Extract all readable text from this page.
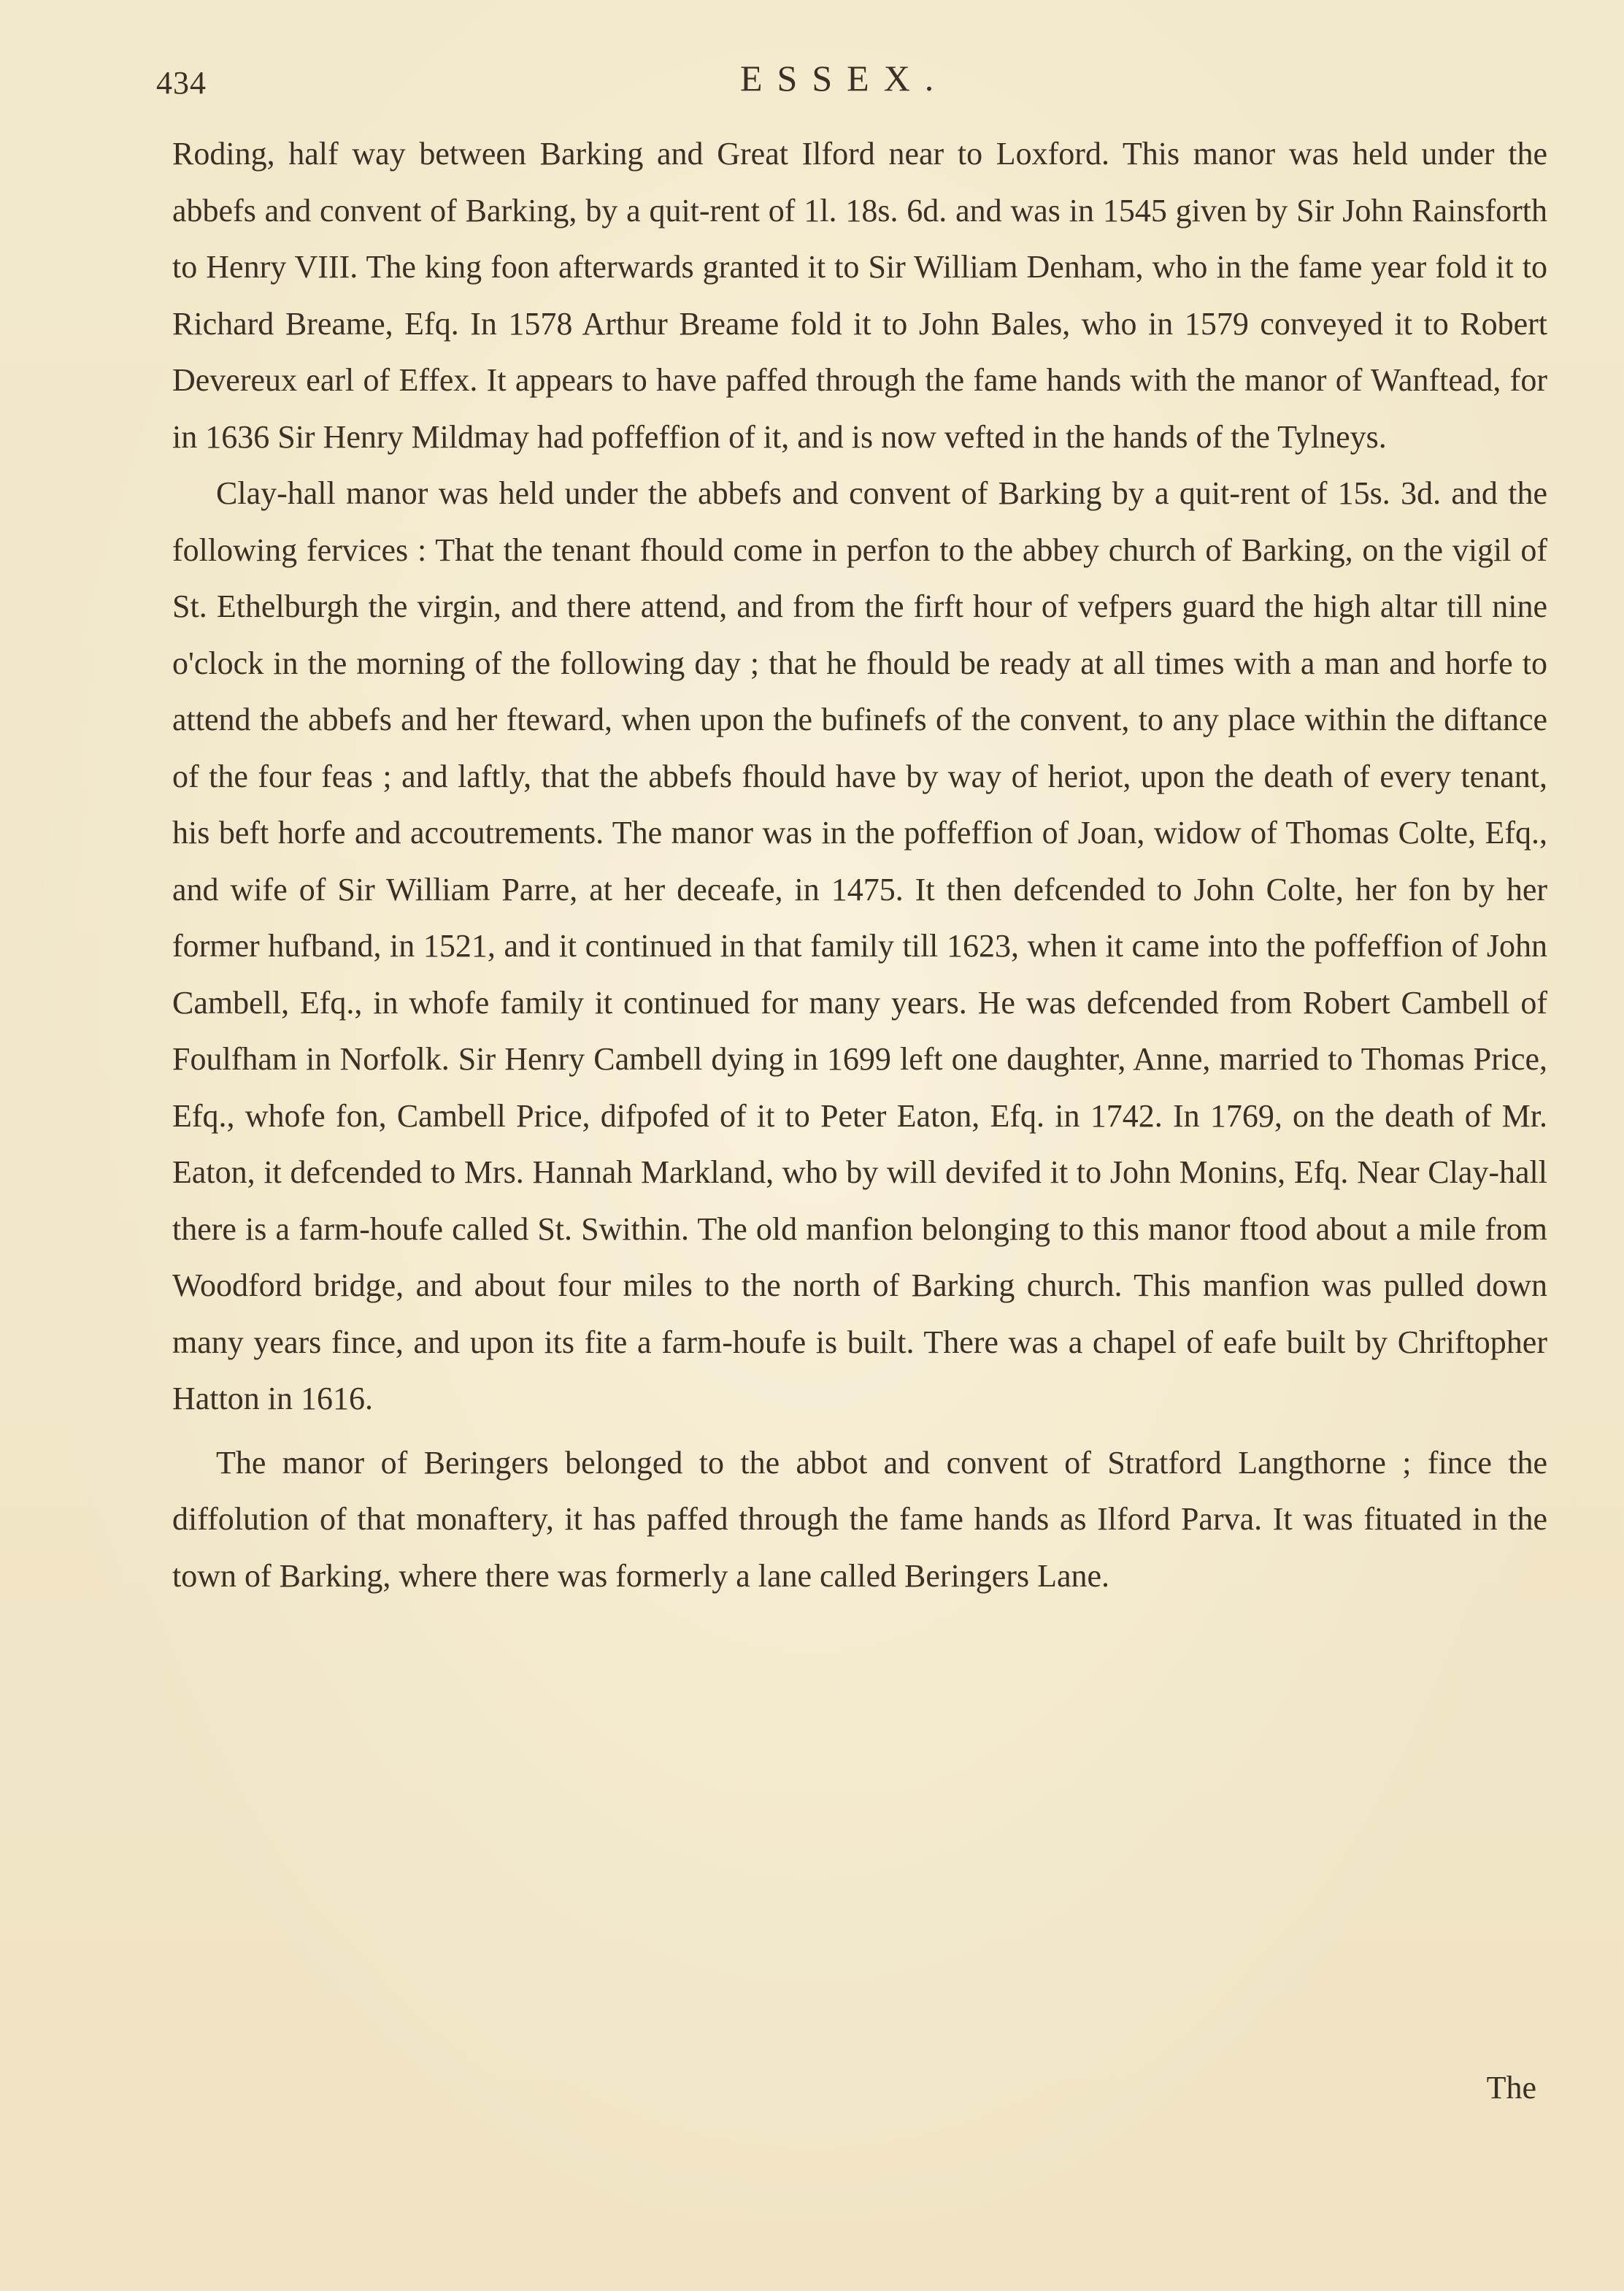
434	ESSEX.

Roding, half way between Barking and Great Ilford near to Loxford. This manor was held under the abbefs and convent of Barking, by a quit-rent of 1l. 18s. 6d. and was in 1545 given by Sir John Rainsforth to Henry VIII. The king foon afterwards granted it to Sir William Denham, who in the fame year fold it to Richard Breame, Efq. In 1578 Arthur Breame fold it to John Bales, who in 1579 conveyed it to Robert Devereux earl of Effex. It appears to have paffed through the fame hands with the manor of Wanftead, for in 1636 Sir Henry Mildmay had poffeffion of it, and is now vefted in the hands of the Tylneys.

Clay-hall manor was held under the abbefs and convent of Barking by a quit-rent of 15s. 3d. and the following fervices : That the tenant fhould come in perfon to the abbey church of Barking, on the vigil of St. Ethelburgh the virgin, and there attend, and from the firft hour of vefpers guard the high altar till nine o'clock in the morning of the following day ; that he fhould be ready at all times with a man and horfe to attend the abbefs and her fteward, when upon the bufinefs of the convent, to any place within the diftance of the four feas ; and laftly, that the abbefs fhould have by way of heriot, upon the death of every tenant, his beft horfe and accoutrements. The manor was in the poffeffion of Joan, widow of Thomas Colte, Efq., and wife of Sir William Parre, at her deceafe, in 1475. It then defcended to John Colte, her fon by her former hufband, in 1521, and it continued in that family till 1623, when it came into the poffeffion of John Cambell, Efq., in whofe family it continued for many years. He was defcended from Robert Cambell of Foulfham in Norfolk. Sir Henry Cambell dying in 1699 left one daughter, Anne, married to Thomas Price, Efq., whofe fon, Cambell Price, difpofed of it to Peter Eaton, Efq. in 1742. In 1769, on the death of Mr. Eaton, it defcended to Mrs. Hannah Markland, who by will devifed it to John Monins, Efq. Near Clay-hall there is a farm-houfe called St. Swithin. The old manfion belonging to this manor ftood about a mile from Woodford bridge, and about four miles to the north of Barking church. This manfion was pulled down many years fince, and upon its fite a farm-houfe is built. There was a chapel of eafe built by Chriftopher Hatton in 1616.

The manor of Beringers belonged to the abbot and convent of Stratford Langthorne ; fince the diffolution of that monaftery, it has paffed through the fame hands as Ilford Parva. It was fituated in the town of Barking, where there was formerly a lane called Beringers Lane.

The
